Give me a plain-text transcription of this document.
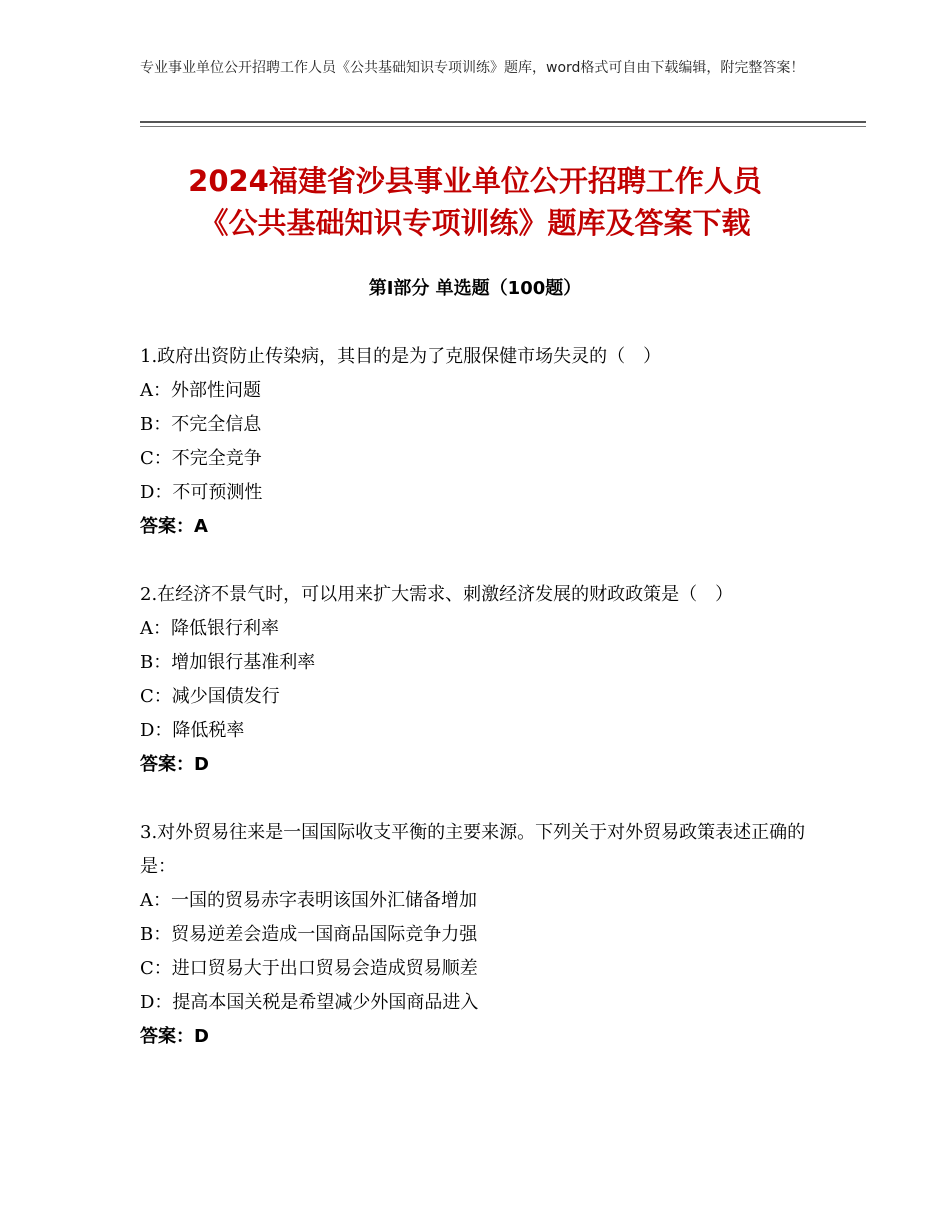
专业事业单位公开招聘工作人员《公共基础知识专项训练》题库，word格式可自由下载编辑，附完整答案！
2024福建省沙县事业单位公开招聘工作人员
《公共基础知识专项训练》题库及答案下载
第Ⅰ部分 单选题（100题）
1.政府出资防止传染病，其目的是为了克服保健市场失灵的（　）
A：外部性问题
B：不完全信息
C：不完全竞争
D：不可预测性
答案：A
2.在经济不景气时，可以用来扩大需求、刺激经济发展的财政政策是（　）
A：降低银行利率
B：增加银行基准利率
C：减少国债发行
D：降低税率
答案：D
3.对外贸易往来是一国国际收支平衡的主要来源。下列关于对外贸易政策表述正确的是：
A：一国的贸易赤字表明该国外汇储备增加
B：贸易逆差会造成一国商品国际竞争力强
C：进口贸易大于出口贸易会造成贸易顺差
D：提高本国关税是希望减少外国商品进入
答案：D
